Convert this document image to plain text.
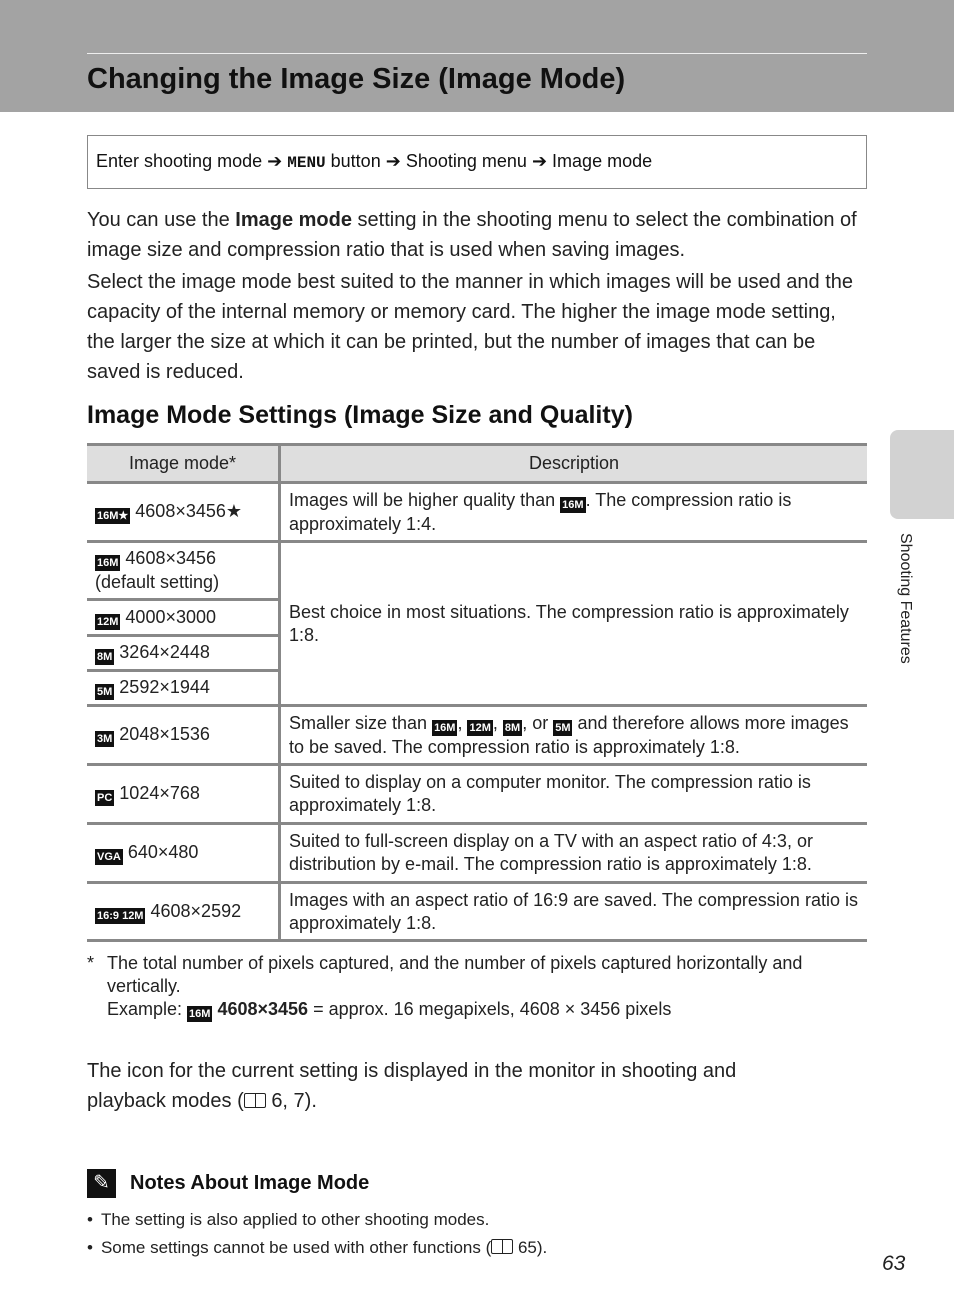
Changing the Image Size (Image Mode)
Enter shooting mode ➔ MENU button ➔ Shooting menu ➔ Image mode

You can use the Image mode setting in the shooting menu to select the combination of image size and compression ratio that is used when saving images.

Select the image mode best suited to the manner in which images will be used and the capacity of the internal memory or memory card. The higher the image mode setting, the larger the size at which it can be printed, but the number of images that can be saved is reduced.

Image Mode Settings (Image Size and Quality)
Image mode*	Description
16M★ 4608×3456★	Images will be higher quality than 16M . The compression ratio is approximately 1:4.
16M 4608×3456
(default setting)	Best choice in most situations. The compression ratio is approximately 1:8.
12M 4000×3000	
8M 3264×2448	
5M 2592×1944	
3M 2048×1536	Smaller size than 16M , 12M , 8M , or 5M and therefore allows more images to be saved. The compression ratio is approximately 1:8.
PC 1024×768	Suited to display on a computer monitor. The compression ratio is approximately 1:8.
VGA 640×480	Suited to full-screen display on a TV with an aspect ratio of 4:3, or distribution by e-mail. The compression ratio is approximately 1:8.
16:9 12M 4608×2592	Images with an aspect ratio of 16:9 are saved. The compression ratio is approximately 1:8.
* The total number of pixels captured, and the number of pixels captured horizontally and vertically.
Example: 16M 4608×3456 = approx. 16 megapixels, 4608 × 3456 pixels

The icon for the current setting is displayed in the monitor in shooting and playback modes ( 6, 7).

✎	Notes About Image Mode
• The setting is also applied to other shooting modes.
• Some settings cannot be used with other functions ( 65).
Shooting Features
63
